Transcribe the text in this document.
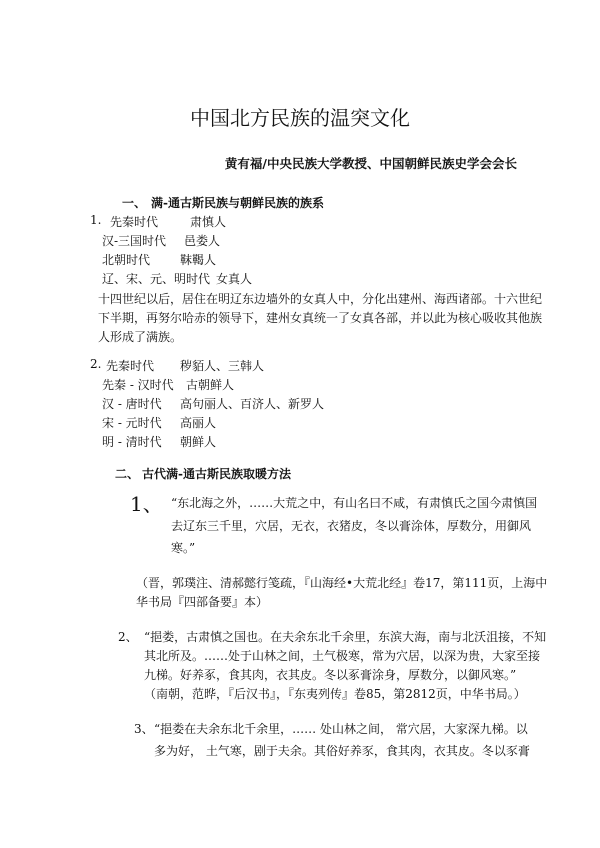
中国北方民族的温突文化
黄有福/中央民族大学教授、中国朝鲜民族史学会会长
一、 满-通古斯民族与朝鲜民族的族系
1. 先秦时代	肃慎人
汉-三国时代 邑娄人
北朝时代 靺鞨人
辽、宋、元、明时代 女真人
十四世纪以后，居住在明辽东边墙外的女真人中，分化出建州、海西诸部。十六世纪
下半期，再努尔哈赤的领导下，建州女真统一了女真各部，并以此为核心吸收其他族
人形成了满族。
2. 先秦时代 秽貊人、三韩人
先秦 - 汉时代 古朝鲜人
汉 - 唐时代 高句丽人、百济人、新罗人
宋 - 元时代 高丽人
明 - 清时代 朝鲜人
二、 古代满-通古斯民族取暖方法
1、 “东北海之外，……大荒之中，有山名曰不咸，有肃慎氏之国今肃慎国
去辽东三千里，穴居，无衣，衣猪皮，冬以膏涂体，厚数分，用御风
寒。”
（晋，郭璞注、清郝懿行笺疏，『山海经•大荒北经』卷17，第111页，上海中
华书局『四部备要』本）
2、 “挹娄，古肃慎之国也。在夫余东北千余里，东滨大海，南与北沃沮接，不知
其北所及。……处于山林之间，土气极寒，常为穴居，以深为贵，大家至接
九梯。好养豖，食其肉，衣其皮。冬以豖膏涂身，厚数分，以御风寒。”
（南朝，范晔，『后汉书』，『东夷列传』卷85，第2812页，中华书局。）
3、 “挹娄在夫余东北千余里，…… 处山林之间， 常穴居，大家深九梯。以
多为好， 土气寒，剧于夫余。其俗好养豕，食其肉，衣其皮。冬以豕膏
